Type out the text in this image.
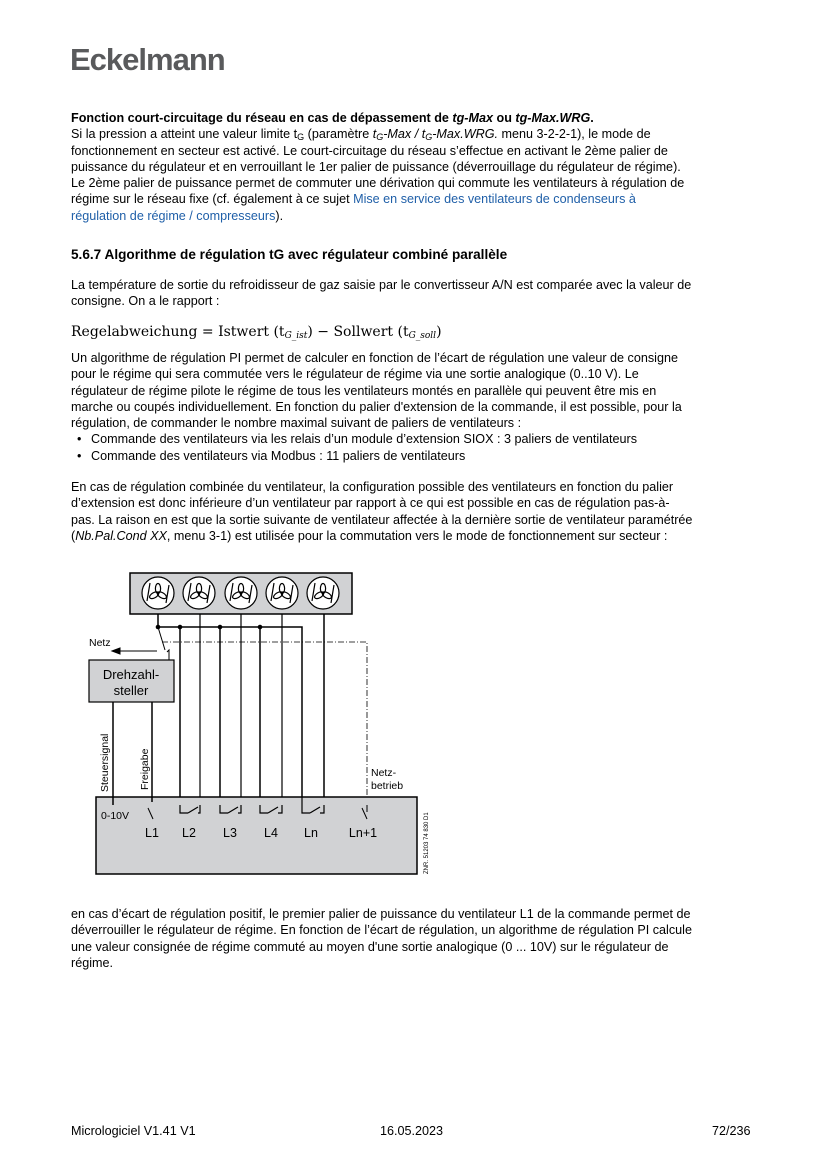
Eckelmann
Fonction court-circuitage du réseau en cas de dépassement de tg-Max ou tg-Max.WRG.
Si la pression a atteint une valeur limite $t_G$ (paramètre $t_G$-Max / $t_G-Max.WRG$. menu 3-2-2-1), le mode de
fonctionnement en secteur est activé. Le court-circuitage du réseau s’effectue en activant le 2ème palier de
puissance du régulateur et en verrouillant le 1er palier de puissance (déverrouillage du régulateur de régime).
Le 2ème palier de puissance permet de commuter une dérivation qui commute les ventilateurs à régulation de
régime sur le réseau fixe (cf. également à ce sujet Mise en service des ventilateurs de condenseurs à
régulation de régime / compresseurs).
5.6.7 Algorithme de régulation tG avec régulateur combiné parallèle
La température de sortie du refroidisseur de gaz saisie par le convertisseur A/N est comparée avec la valeur de
consigne. On a le rapport :
Regelabweichung = Istwert $(t_{G\_ist})$ − Sollwert $(t_{G\_soll})$
Un algorithme de régulation PI permet de calculer en fonction de l’écart de régulation une valeur de consigne
pour le régime qui sera commutée vers le régulateur de régime via une sortie analogique (0..10 V). Le
régulateur de régime pilote le régime de tous les ventilateurs montés en parallèle qui peuvent être mis en
marche ou coupés individuellement. En fonction du palier d'extension de la commande, il est possible, pour la
régulation, de commander le nombre maximal suivant de paliers de ventilateurs :
• Commande des ventilateurs via les relais d’un module d’extension SIOX : 3 paliers de ventilateurs
• Commande des ventilateurs via Modbus : 11 paliers de ventilateurs
En cas de régulation combinée du ventilateur, la configuration possible des ventilateurs en fonction du palier
d’extension est donc inférieure d’un ventilateur par rapport à ce qui est possible en cas de régulation pas-à-
pas. La raison en est que la sortie suivante de ventilateur affectée à la dernière sortie de ventilateur paramétrée
(Nb.Pal.Cond XX, menu 3-1) est utilisée pour la commutation vers le mode de fonctionnement sur secteur :
Netz
Drehzahl-
steller
Steuersignal	Freigabe	Netz-
betrieb
0-10V
L1 L2 L3 L4 Ln Ln+1	ZNR. 51203 74 830 D1
en cas d’écart de régulation positif, le premier palier de puissance du ventilateur L1 de la commande permet de
déverrouiller le régulateur de régime. En fonction de l’écart de régulation, un algorithme de régulation PI calcule
une valeur consignée de régime commuté au moyen d'une sortie analogique (0 ... 10V) sur le régulateur de
régime.
Micrologiciel V1.41 V1	16.05.2023	72/236
